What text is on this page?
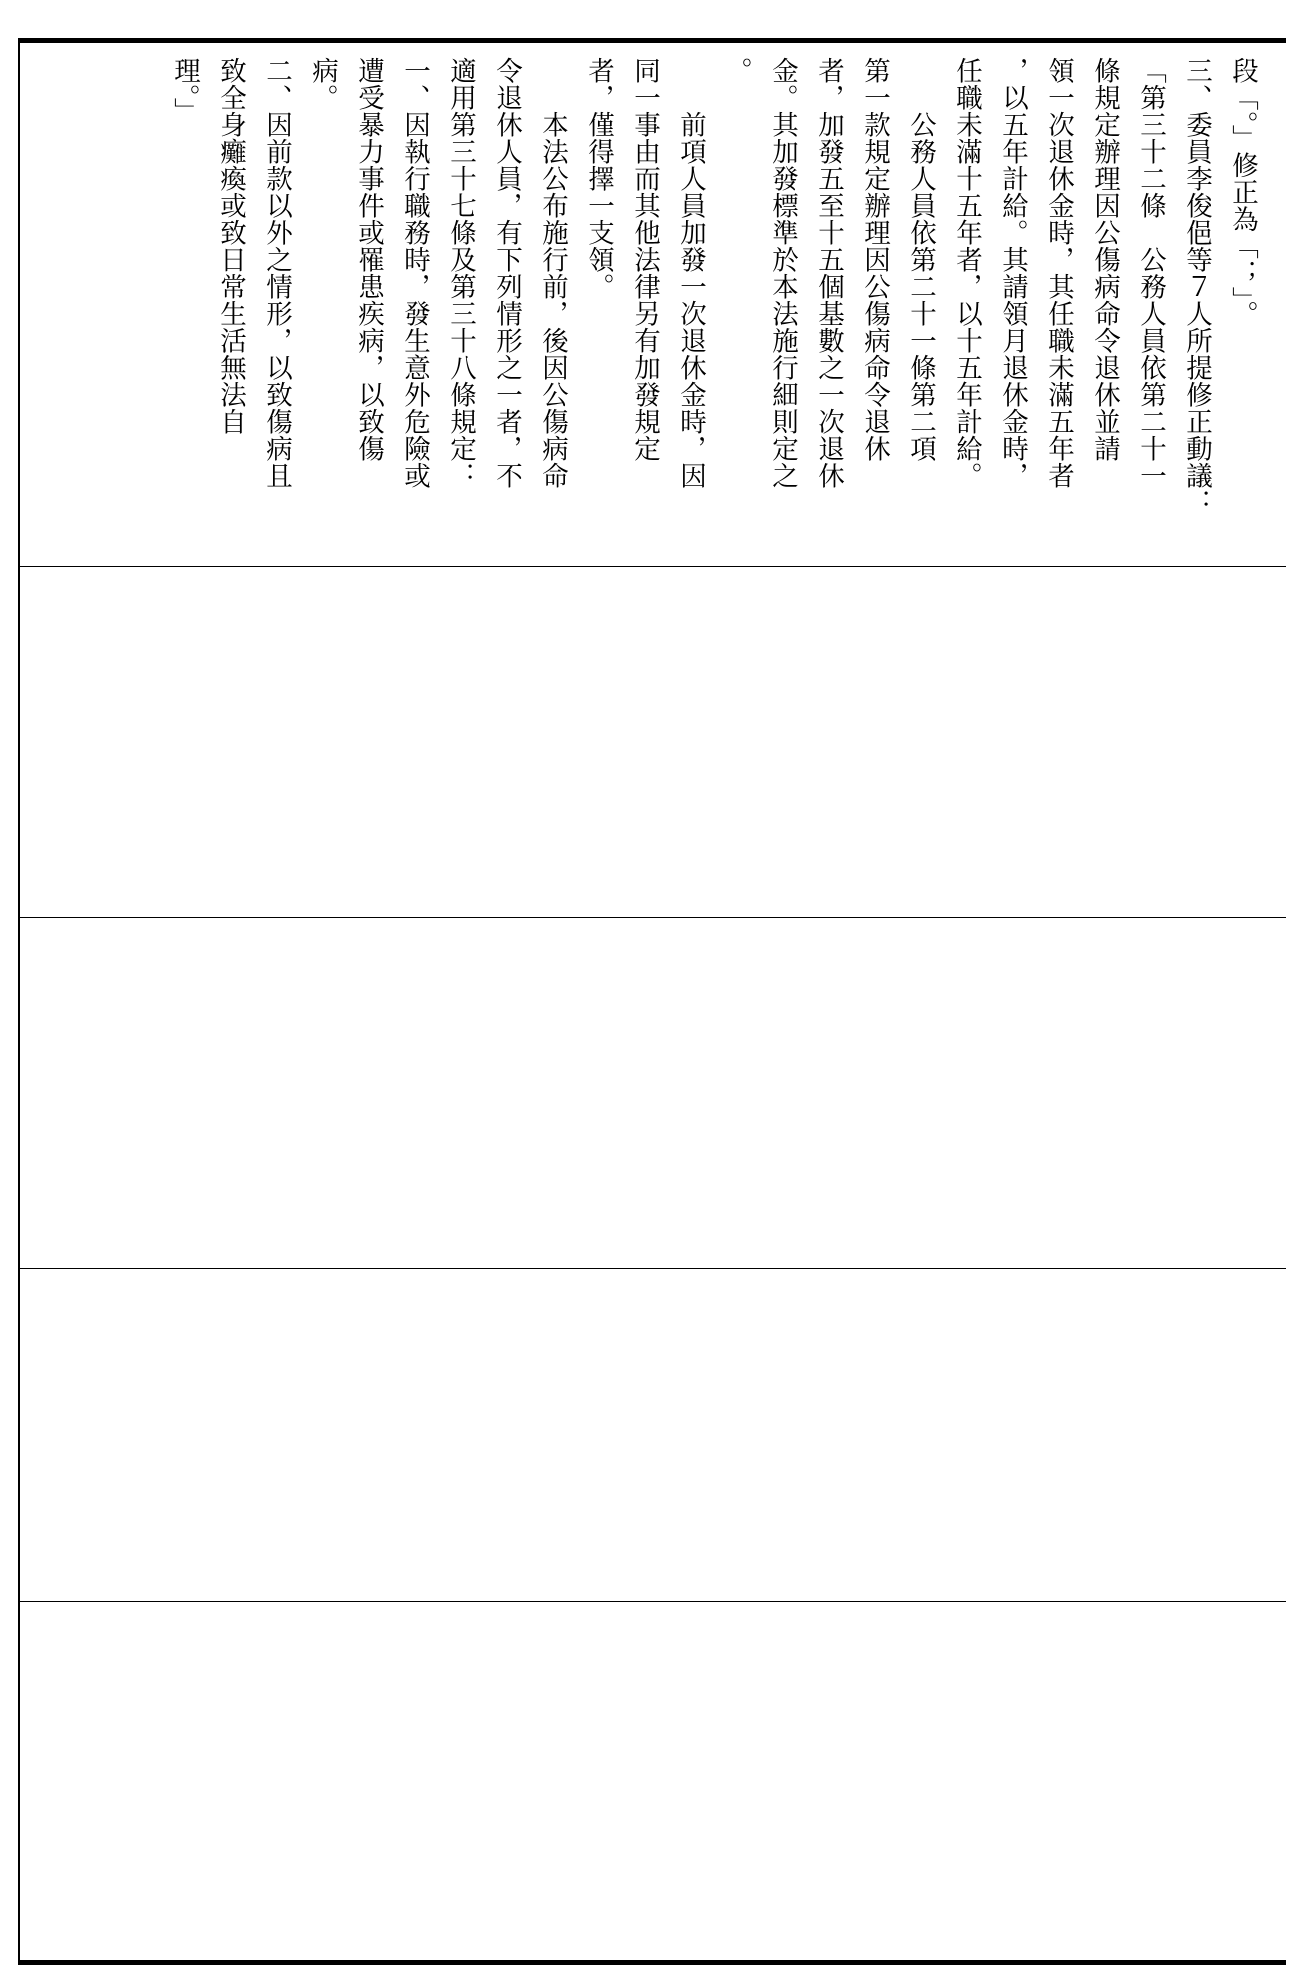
段「。」修正為「；」。
三、委員李俊俋等７人所提修正動議：
「第三十二條　公務人員依第二十一
條規定辦理因公傷病命令退休並請
領一次退休金時，其任職未滿五年者
，以五年計給。其請領月退休金時，
任職未滿十五年者，以十五年計給。
　　公務人員依第二十一條第二項
第一款規定辦理因公傷病命令退休
者，加發五至十五個基數之一次退休
金。其加發標準於本法施行細則定之
。
　　前項人員加發一次退休金時，因
同一事由而其他法律另有加發規定
者，僅得擇一支領。
　　本法公布施行前，後因公傷病命
令退休人員，有下列情形之一者，不
適用第三十七條及第三十八條規定：
一、因執行職務時，發生意外危險或
遭受暴力事件或罹患疾病，以致傷
病。
二、因前款以外之情形，以致傷病且
致全身癱瘓或致日常生活無法自
理。」
